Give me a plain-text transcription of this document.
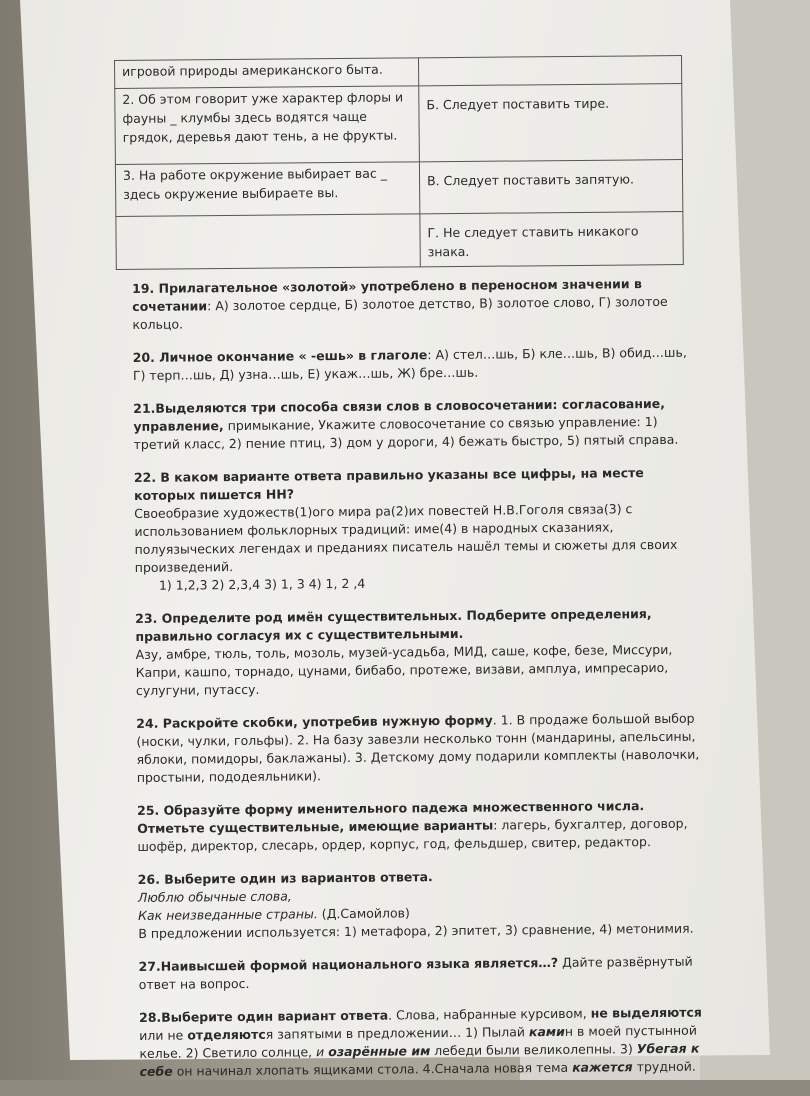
игровой природы американского быта.	
2. Об этом говорит уже характер флоры и фауны _ клумбы здесь водятся чаще грядок, деревья дают тень, а не фрукты.	Б. Следует поставить тире.
3. На работе окружение выбирает вас _ здесь окружение выбираете вы.	В. Следует поставить запятую.
	Г. Не следует ставить никакого знака.
19. Прилагательное «золотой» употреблено в переносном значении в сочетании: А) золотое сердце, Б) золотое детство, В) золотое слово, Г) золотое кольцо.
20. Личное окончание « -ешь» в глаголе: А) стел…шь, Б) кле…шь, В) обид…шь, Г) терп…шь, Д) узна…шь, Е) укаж…шь, Ж) бре…шь.
21.Выделяются три способа связи слов в словосочетании: согласование, управление, примыкание, Укажите словосочетание со связью управление: 1) третий класс, 2) пение птиц, 3) дом у дороги, 4) бежать быстро, 5) пятый справа.
22. В каком варианте ответа правильно указаны все цифры, на месте которых пишется НН?
Своеобразие художеств(1)ого мира ра(2)их повестей Н.В.Гоголя связа(3) с использованием фольклорных традиций: име(4) в народных сказаниях, полуязыческих легендах и преданиях писатель нашёл темы и сюжеты для своих произведений.
1) 1,2,3 2) 2,3,4 3) 1, 3 4) 1, 2 ,4
23. Определите род имён существительных. Подберите определения, правильно согласуя их с существительными.
Азу, амбре, тюль, толь, мозоль, музей-усадьба, МИД, саше, кофе, безе, Миссури, Капри, кашпо, торнадо, цунами, бибабо, протеже, визави, амплуа, импресарио, сулугуни, путассу.
24. Раскройте скобки, употребив нужную форму. 1. В продаже большой выбор (носки, чулки, гольфы). 2. На базу завезли несколько тонн (мандарины, апельсины, яблоки, помидоры, баклажаны). 3. Детскому дому подарили комплекты (наволочки, простыни, пододеяльники).
25. Образуйте форму именительного падежа множественного числа. Отметьте существительные, имеющие варианты: лагерь, бухгалтер, договор, шофёр, директор, слесарь, ордер, корпус, год, фельдшер, свитер, редактор.

26. Выберите один из вариантов ответа.

Люблю обычные слова,

Как неизведанные страны. (Д.Самойлов)

В предложении используется: 1) метафора, 2) эпитет, 3) сравнение, 4) метонимия.

27.Наивысшей формой национального языка является…? Дайте развёрнутый ответ на вопрос.
28.Выберите один вариант ответа. Слова, набранные курсивом, не выделяются или не отделяются запятыми в предложении… 1) Пылай камин в моей пустынной келье. 2) Светило солнце, и озарённые им лебеди были великолепны. 3) Убегая к себе он начинал хлопать ящиками стола. 4.Сначала новая тема кажется трудной.
